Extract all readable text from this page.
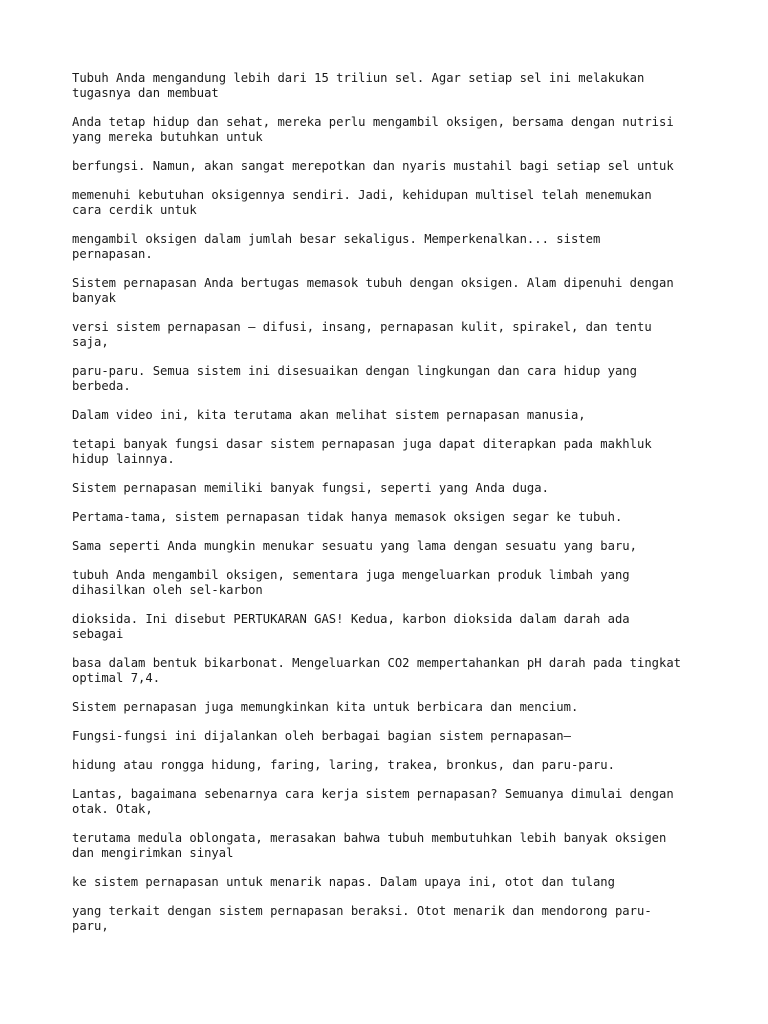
Tubuh Anda mengandung lebih dari 15 triliun sel. Agar setiap sel ini melakukan
tugasnya dan membuat

Anda tetap hidup dan sehat, mereka perlu mengambil oksigen, bersama dengan nutrisi
yang mereka butuhkan untuk

berfungsi. Namun, akan sangat merepotkan dan nyaris mustahil bagi setiap sel untuk

memenuhi kebutuhan oksigennya sendiri. Jadi, kehidupan multisel telah menemukan
cara cerdik untuk

mengambil oksigen dalam jumlah besar sekaligus. Memperkenalkan... sistem
pernapasan.

Sistem pernapasan Anda bertugas memasok tubuh dengan oksigen. Alam dipenuhi dengan
banyak

versi sistem pernapasan – difusi, insang, pernapasan kulit, spirakel, dan tentu
saja,

paru-paru. Semua sistem ini disesuaikan dengan lingkungan dan cara hidup yang
berbeda.

Dalam video ini, kita terutama akan melihat sistem pernapasan manusia,

tetapi banyak fungsi dasar sistem pernapasan juga dapat diterapkan pada makhluk
hidup lainnya.

Sistem pernapasan memiliki banyak fungsi, seperti yang Anda duga.

Pertama-tama, sistem pernapasan tidak hanya memasok oksigen segar ke tubuh.

Sama seperti Anda mungkin menukar sesuatu yang lama dengan sesuatu yang baru,

tubuh Anda mengambil oksigen, sementara juga mengeluarkan produk limbah yang
dihasilkan oleh sel-karbon

dioksida. Ini disebut PERTUKARAN GAS! Kedua, karbon dioksida dalam darah ada
sebagai

basa dalam bentuk bikarbonat. Mengeluarkan CO2 mempertahankan pH darah pada tingkat
optimal 7,4.

Sistem pernapasan juga memungkinkan kita untuk berbicara dan mencium.

Fungsi-fungsi ini dijalankan oleh berbagai bagian sistem pernapasan—

hidung atau rongga hidung, faring, laring, trakea, bronkus, dan paru-paru.

Lantas, bagaimana sebenarnya cara kerja sistem pernapasan? Semuanya dimulai dengan
otak. Otak,

terutama medula oblongata, merasakan bahwa tubuh membutuhkan lebih banyak oksigen
dan mengirimkan sinyal

ke sistem pernapasan untuk menarik napas. Dalam upaya ini, otot dan tulang

yang terkait dengan sistem pernapasan beraksi. Otot menarik dan mendorong paru-
paru,
